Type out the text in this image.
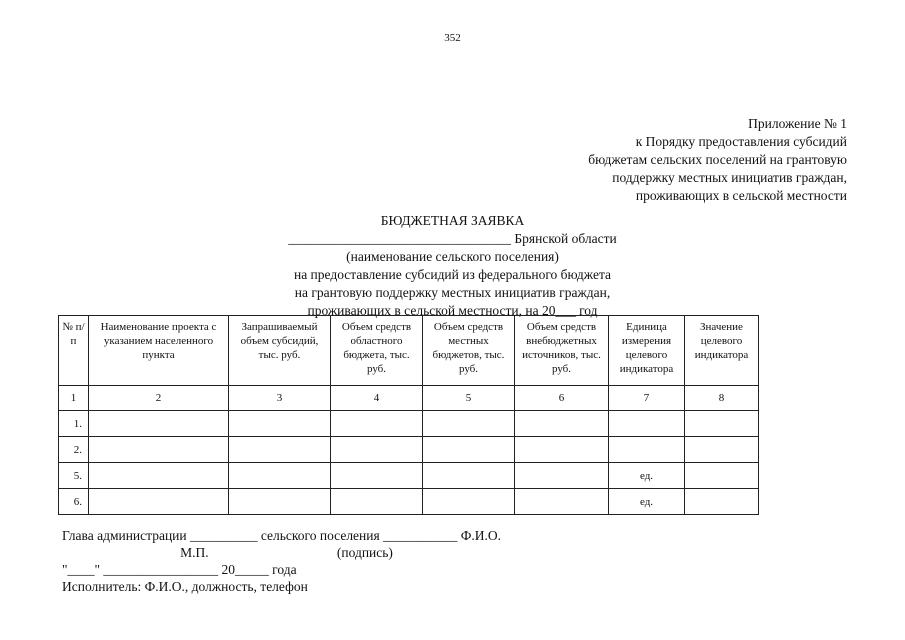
352
Приложение № 1
к Порядку предоставления субсидий
бюджетам сельских поселений на грантовую
поддержку местных инициатив граждан,
проживающих в сельской местности
БЮДЖЕТНАЯ ЗАЯВКА
_________________________________ Брянской области
(наименование сельского поселения)
на предоставление субсидий из федерального бюджета
на грантовую поддержку местных инициатив граждан,
проживающих в сельской местности, на 20___ год
№ п/п	Наименование проекта с указанием населенного пункта	Запрашиваемый объем субсидий, тыс. руб.	Объем средств областного бюджета, тыс. руб.	Объем средств местных бюджетов, тыс. руб.	Объем средств внебюджетных источников, тыс. руб.	Единица измерения целевого индикатора	Значение целевого индикатора
1	2	3	4	5	6	7	8
1.							
2.							
5.						ед.	
6.						ед.	
Глава администрации __________ сельского поселения ___________ Ф.И.О.
М.П.                                      (подпись)
"____" _________________ 20_____ года
Исполнитель: Ф.И.О., должность, телефон
